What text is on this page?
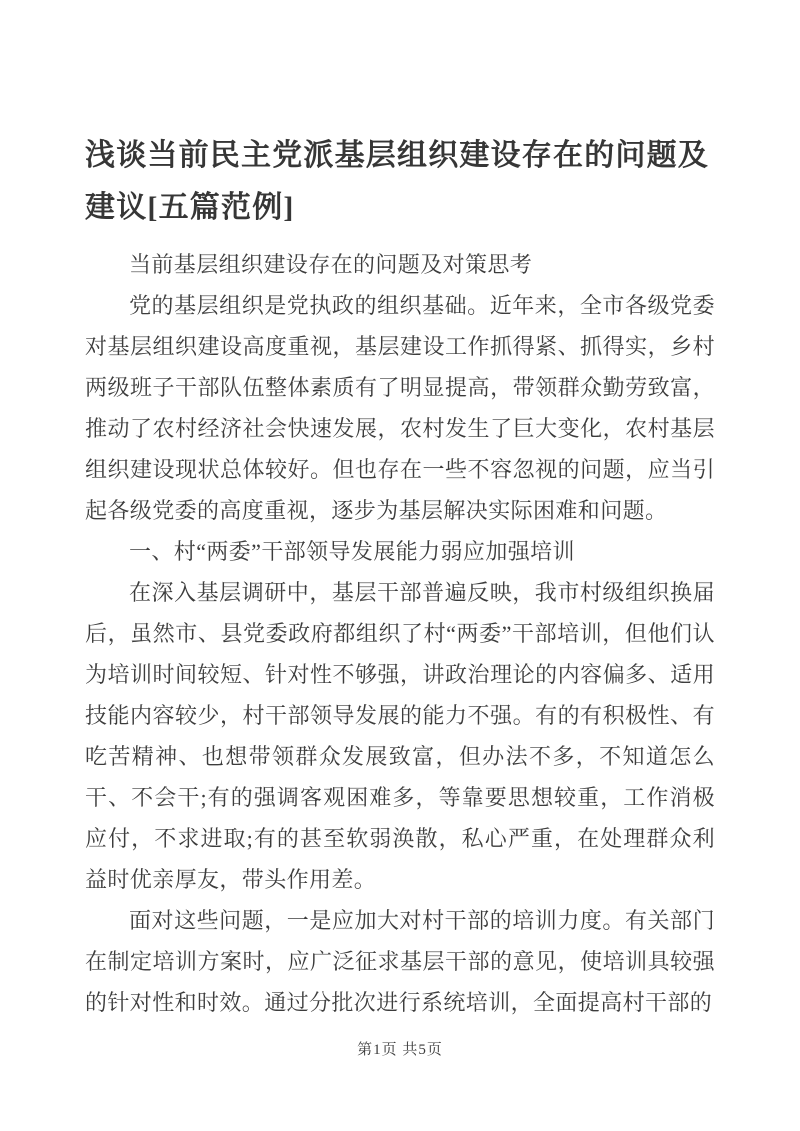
浅谈当前民主党派基层组织建设存在的问题及建议[五篇范例]

当前基层组织建设存在的问题及对策思考

党的基层组织是党执政的组织基础。近年来，全市各级党委对基层组织建设高度重视，基层建设工作抓得紧、抓得实，乡村两级班子干部队伍整体素质有了明显提高，带领群众勤劳致富，推动了农村经济社会快速发展，农村发生了巨大变化，农村基层组织建设现状总体较好。但也存在一些不容忽视的问题，应当引起各级党委的高度重视，逐步为基层解决实际困难和问题。

一、村“两委”干部领导发展能力弱应加强培训

在深入基层调研中，基层干部普遍反映，我市村级组织换届后，虽然市、县党委政府都组织了村“两委”干部培训，但他们认为培训时间较短、针对性不够强，讲政治理论的内容偏多、适用技能内容较少，村干部领导发展的能力不强。有的有积极性、有吃苦精神、也想带领群众发展致富，但办法不多，不知道怎么干、不会干;有的强调客观困难多，等靠要思想较重，工作消极应付，不求进取;有的甚至软弱涣散，私心严重，在处理群众利益时优亲厚友，带头作用差。

面对这些问题，一是应加大对村干部的培训力度。有关部门在制定培训方案时，应广泛征求基层干部的意见，使培训具较强的针对性和时效。通过分批次进行系统培训，全面提高村干部的

第1页 共5页
